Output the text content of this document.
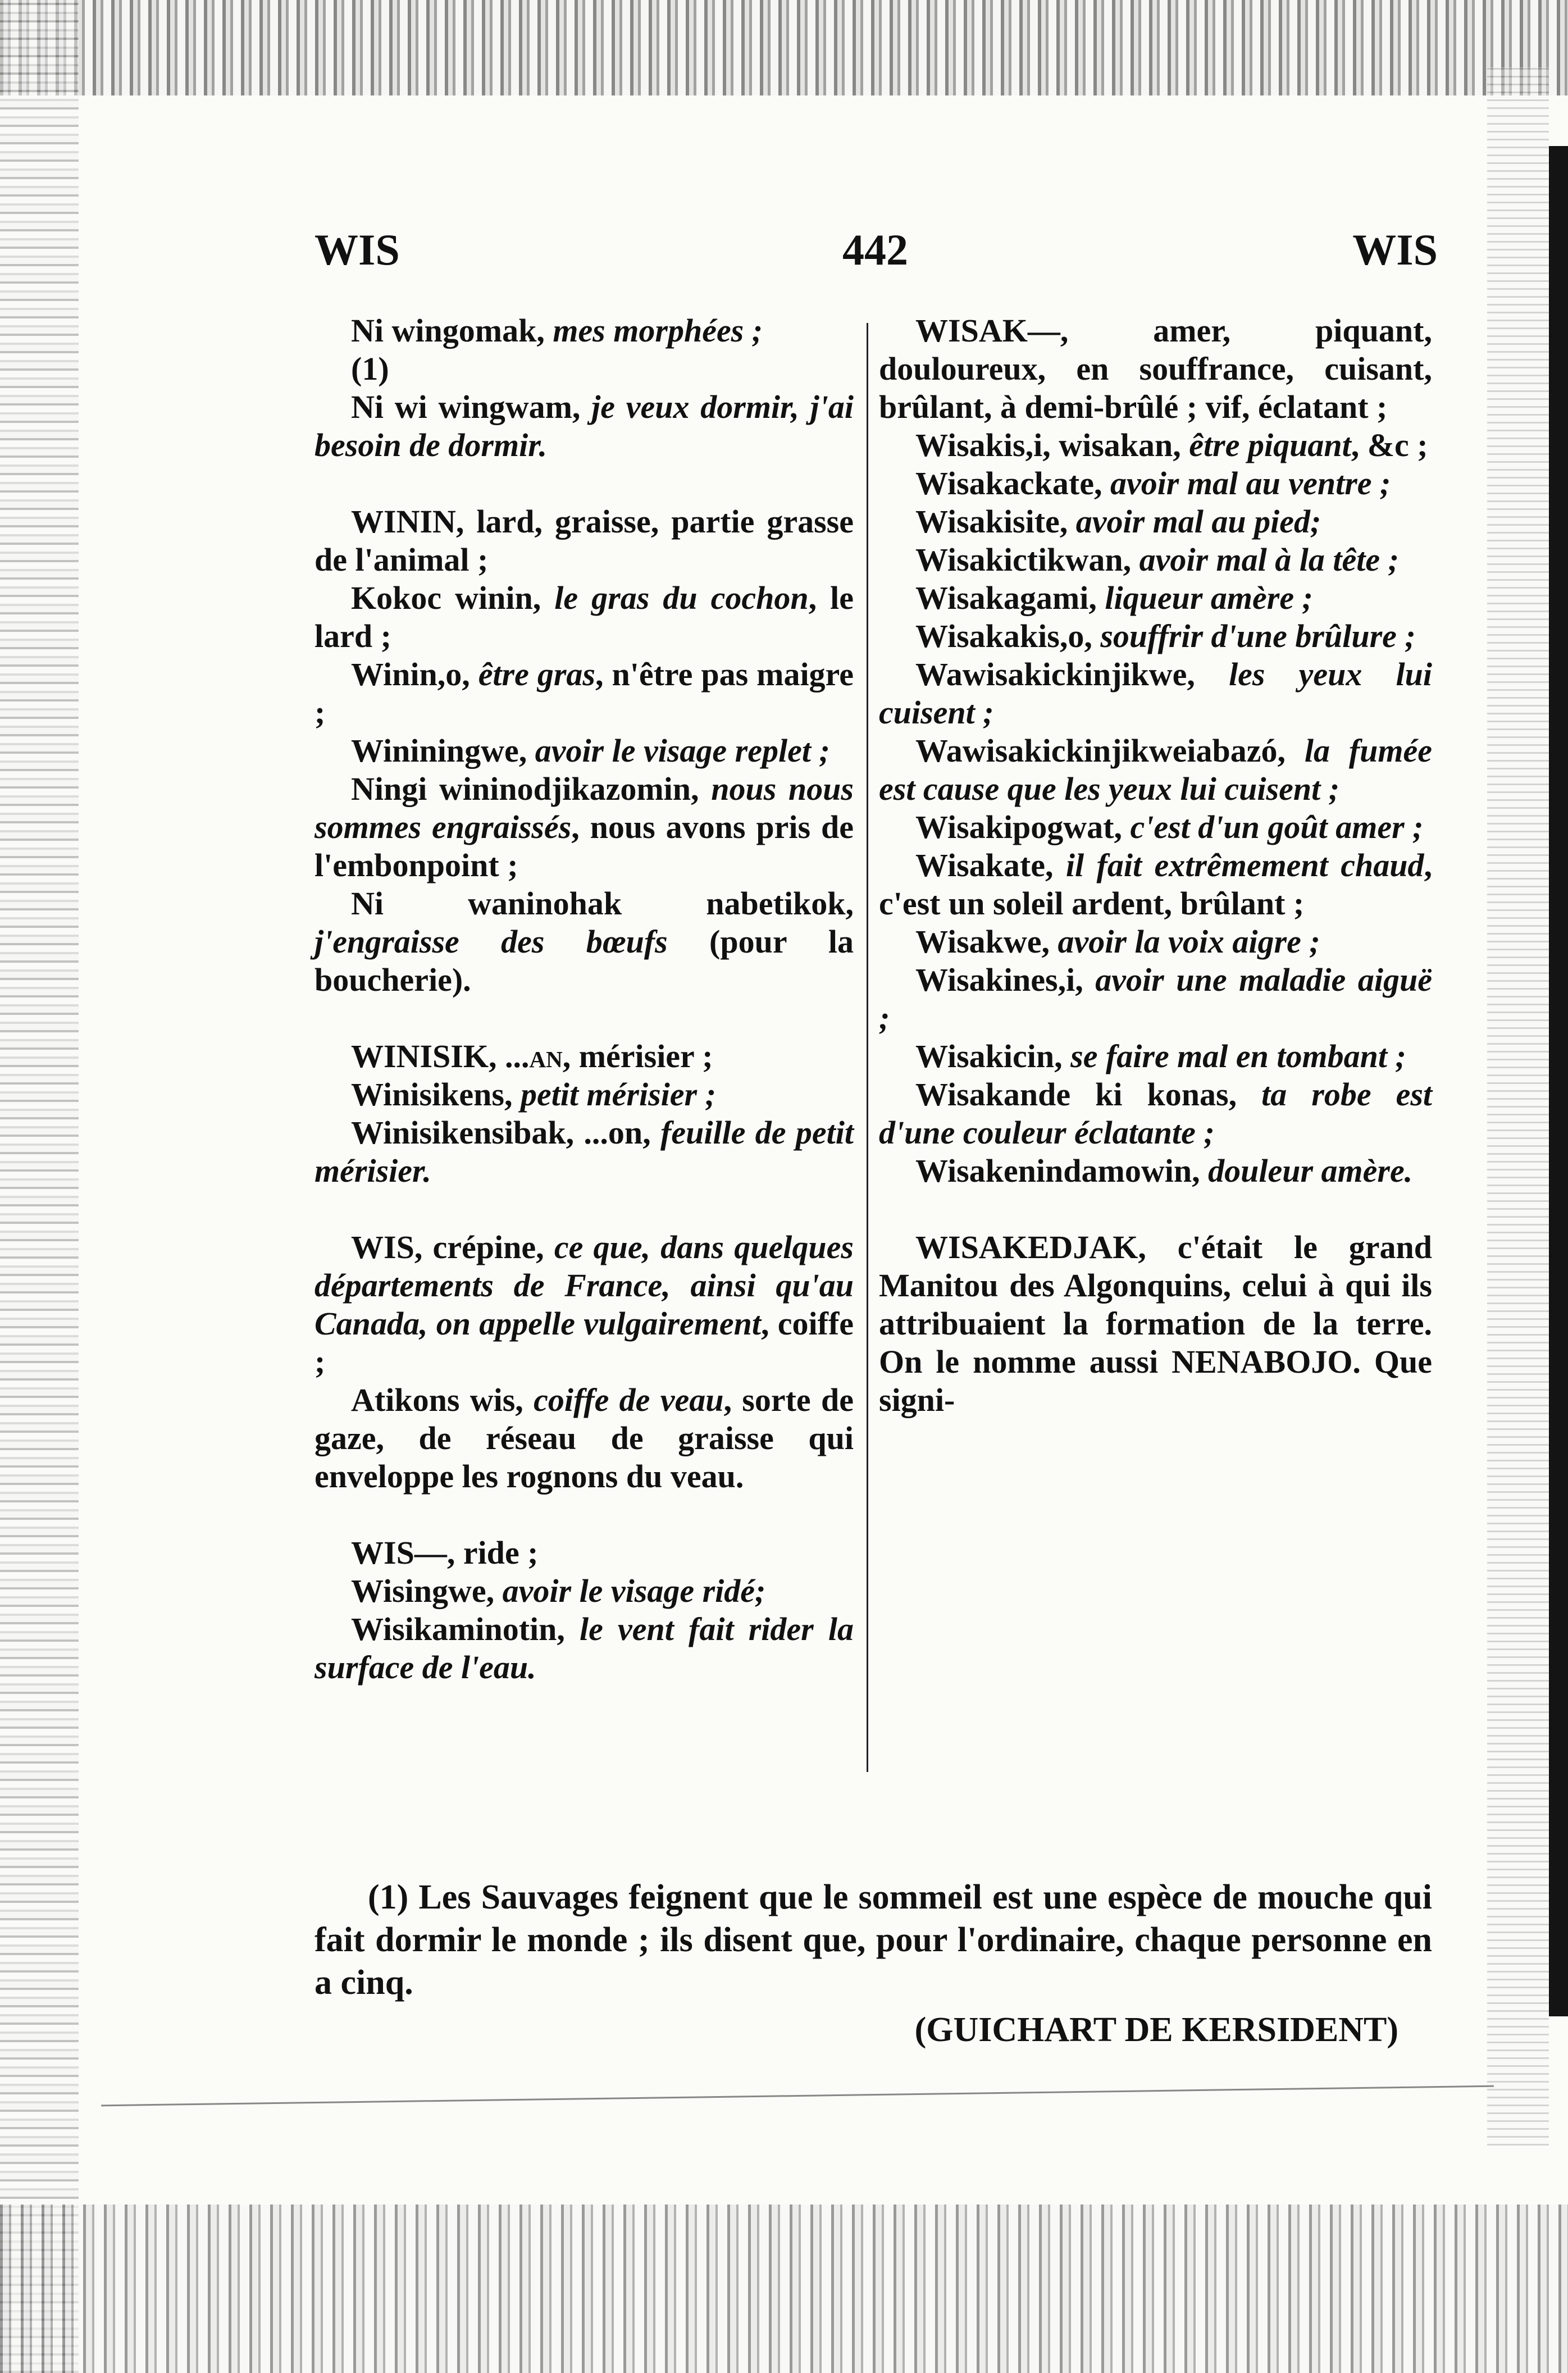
WIS	442	WIS

Ni wingomak, mes morphées ;
(1)

Ni wi wingwam, je veux dormir, j'ai besoin de dormir.

WININ, lard, graisse, partie grasse de l'animal ;

Kokoc winin, le gras du cochon, le lard ;

Winin,o, être gras, n'être pas maigre ;

Wininingwe, avoir le visage replet ;

Ningi wininodjikazomin, nous nous sommes engraissés, nous avons pris de l'embonpoint ;

Ni waninohak nabetikok, j'engraisse des bœufs (pour la boucherie).

WINISIK, ...an, mérisier ;

Winisikens, petit mérisier ;

Winisikensibak, ...on, feuille de petit mérisier.

WIS, crépine, ce que, dans quelques départements de France, ainsi qu'au Canada, on appelle vulgairement, coiffe ;

Atikons wis, coiffe de veau, sorte de gaze, de réseau de graisse qui enveloppe les rognons du veau.

WIS—, ride ;

Wisingwe, avoir le visage ridé;

Wisikaminotin, le vent fait rider la surface de l'eau.

WISAK—, amer, piquant, douloureux, en souffrance, cuisant, brûlant, à demi-brûlé ; vif, éclatant ;

Wisakis,i, wisakan, être piquant, &c ;

Wisakackate, avoir mal au ventre ;

Wisakisite, avoir mal au pied;

Wisakictikwan, avoir mal à la tête ;

Wisakagami, liqueur amère ;

Wisakakis,o, souffrir d'une brûlure ;

Wawisakickinjikwe, les yeux lui cuisent ;

Wawisakickinjikweiabazó, la fumée est cause que les yeux lui cuisent ;

Wisakipogwat, c'est d'un goût amer ;

Wisakate, il fait extrêmement chaud, c'est un soleil ardent, brûlant ;

Wisakwe, avoir la voix aigre ;

Wisakines,i, avoir une maladie aiguë ;

Wisakicin, se faire mal en tombant ;

Wisakande ki konas, ta robe est d'une couleur éclatante ;

Wisakenindamowin, douleur amère.

WISAKEDJAK, c'était le grand Manitou des Algonquins, celui à qui ils attribuaient la formation de la terre. On le nomme aussi NENABOJO. Que signi-

(1) Les Sauvages feignent que le sommeil est une espèce de mouche qui fait dormir le monde ; ils disent que, pour l'ordinaire, chaque personne en a cinq.

(GUICHART DE KERSIDENT)
